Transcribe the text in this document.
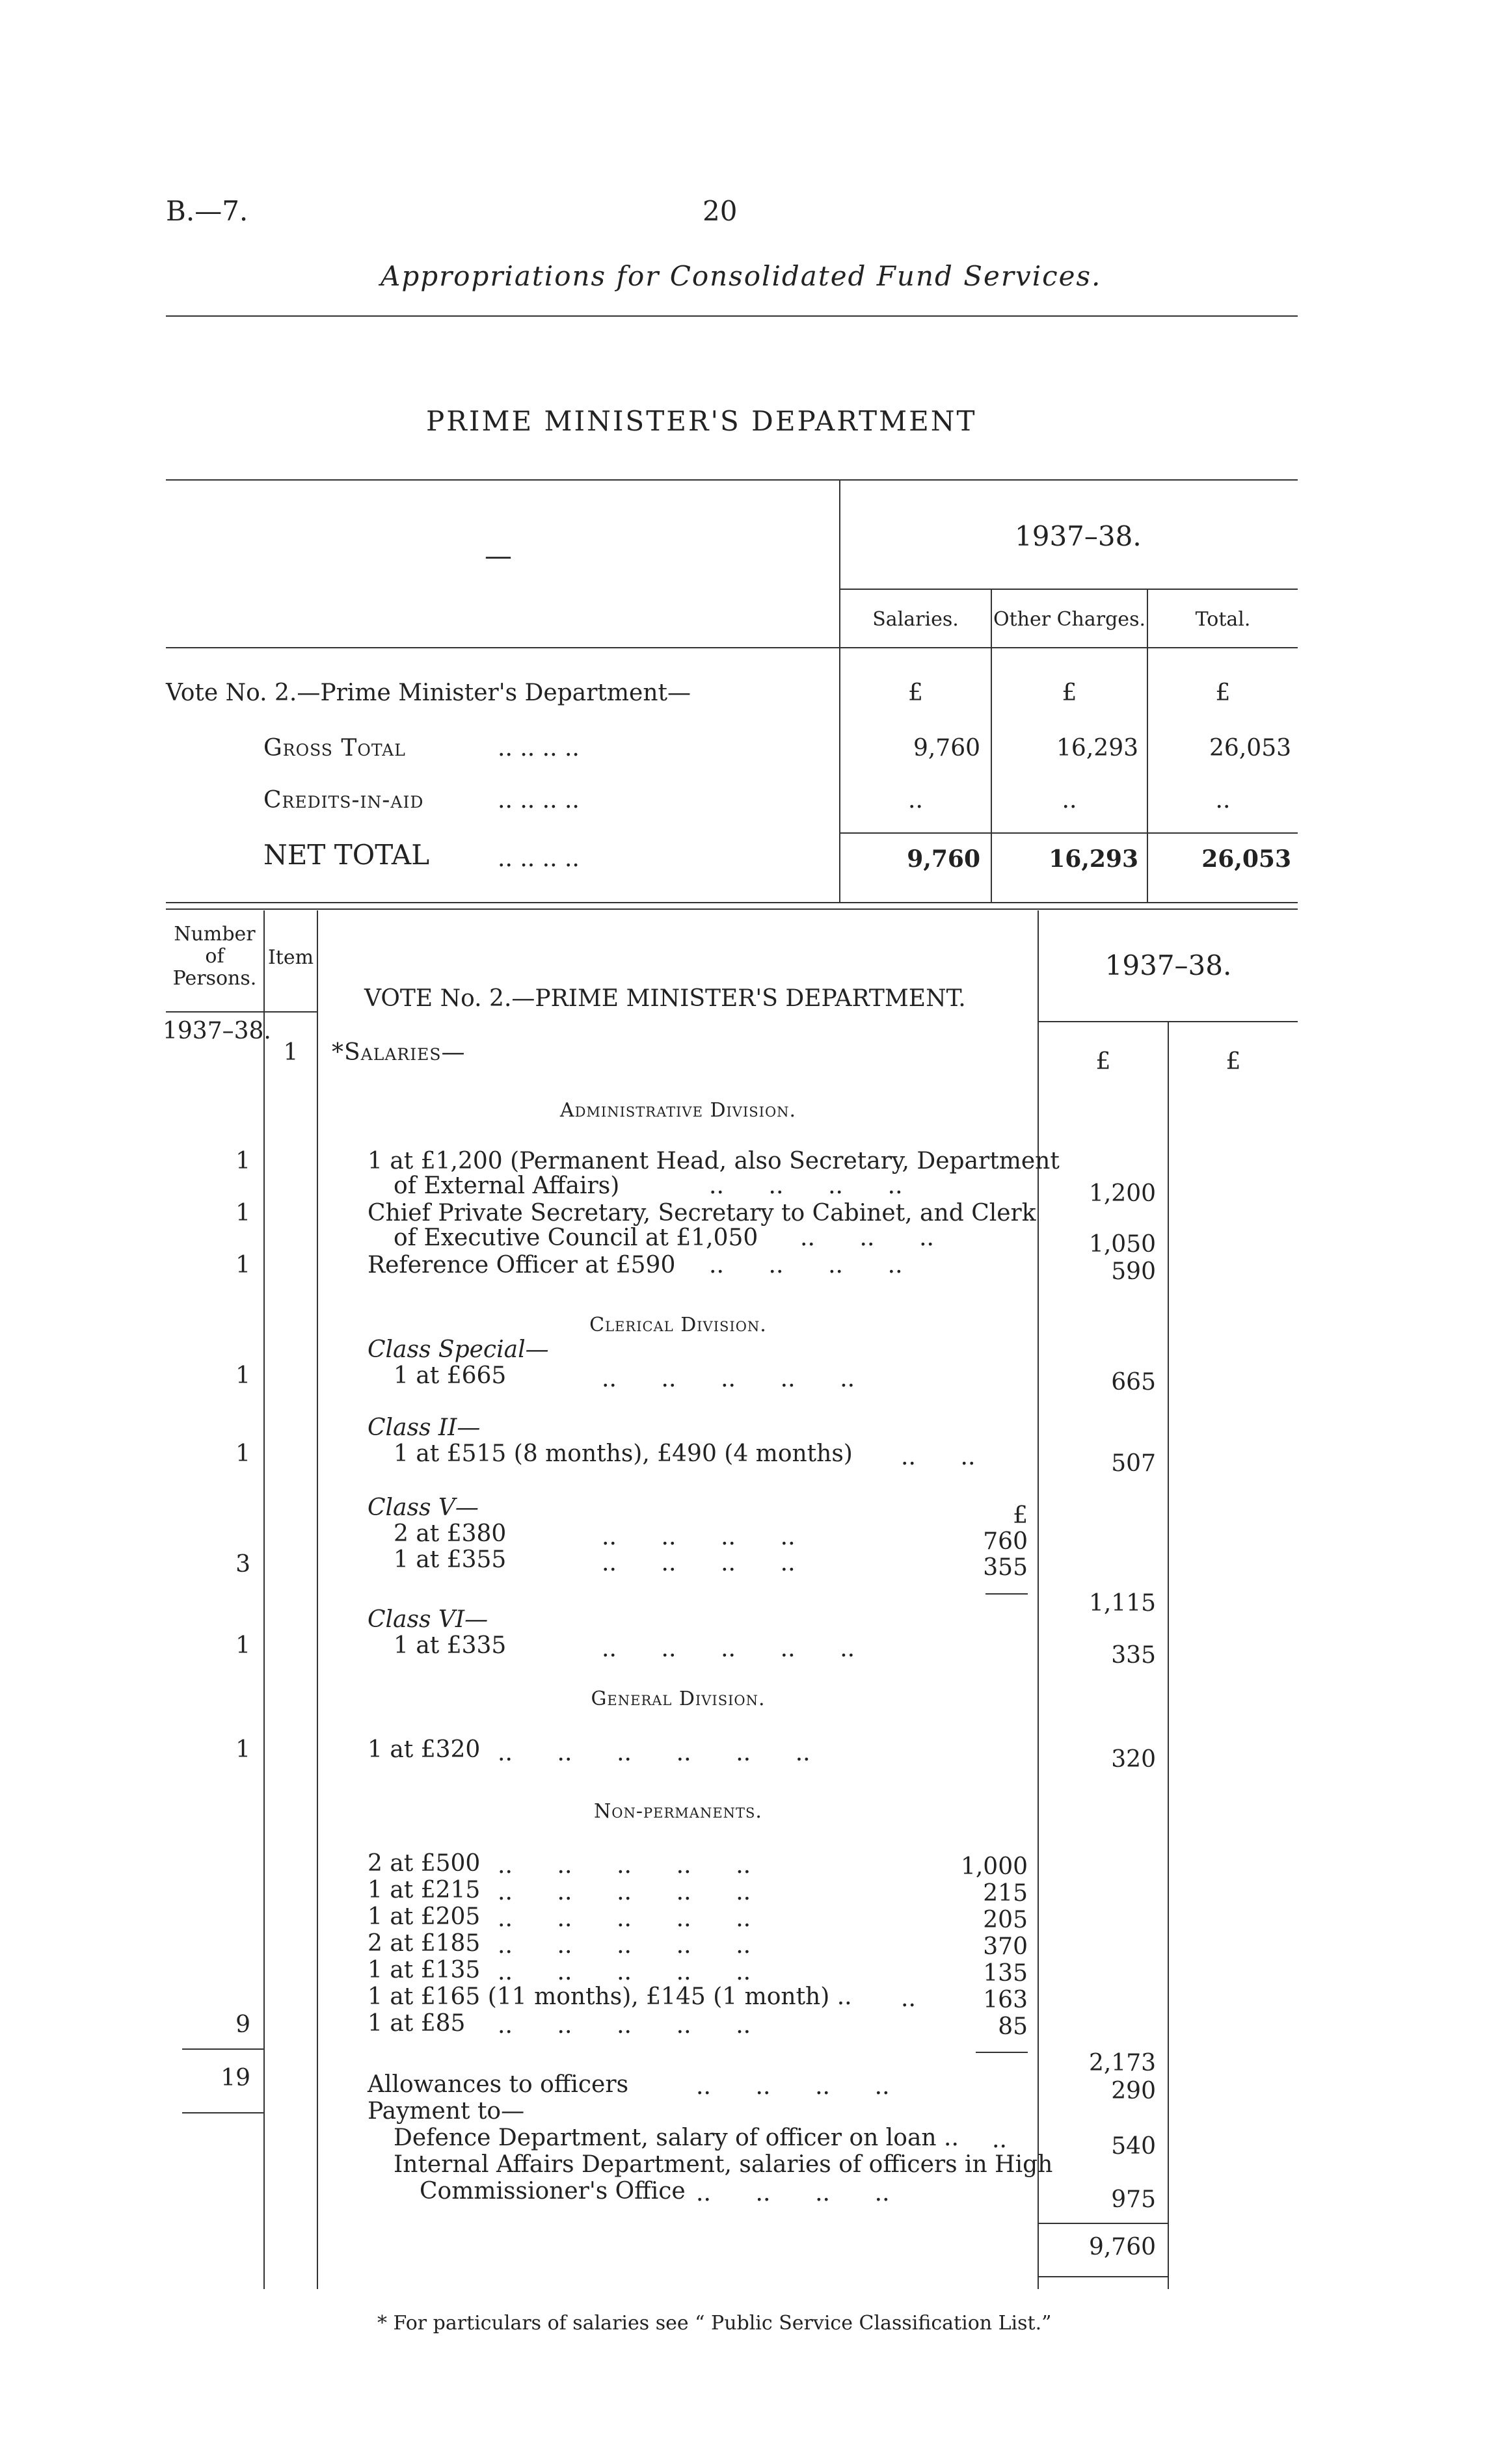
B.—7.	20
Appropriations for Consolidated Fund Services.
PRIME MINISTER'S DEPARTMENT
—
1937–38.
Salaries.	Other Charges.	Total.
Vote No. 2.—Prime Minister's Department—	£	£	£
Gross Total	.. .. .. ..	9,760	16,293	26,053
Credits-in-aid	.. .. .. ..	..	..	..
NET TOTAL	.. .. .. ..	9,760	16,293	26,053
Number
of
Persons.
Item
VOTE No. 2.—PRIME MINISTER'S DEPARTMENT.
1937–38.
1937–38.
1	*Salaries—	£	£
Administrative Division.
1	1 at £1,200 (Permanent Head, also Secretary, Department
of External Affairs)	..      ..      ..      ..	1,200
1	Chief Private Secretary, Secretary to Cabinet, and Clerk
of Executive Council at £1,050 ..      ..      ..	1,050
1	Reference Officer at £590 ..      ..      ..      ..	590
Clerical Division.
Class Special—
1	1 at £665	..      ..      ..      ..      ..	665
Class II—
1	1 at £515 (8 months), £490 (4 months) ..      ..	507
Class V—	£
2 at £380	..      ..      ..      ..	760
3	1 at £355	..      ..      ..      ..	355
1,115
Class VI—
1	1 at £335	..      ..      ..      ..      ..	335
General Division.
1	1 at £320 ..      ..      ..      ..      ..      ..	320
Non-permanents.
2 at £500 ..      ..      ..      ..      ..	1,000
1 at £215 ..      ..      ..      ..      ..	215
1 at £205 ..      ..      ..      ..      ..	205
2 at £185 ..      ..      ..      ..      ..	370
1 at £135 ..      ..      ..      ..      ..	135
1 at £165 (11 months), £145 (1 month) .. ..	163
9	1 at £85 ..      ..      ..      ..      ..	85
2,173
19	Allowances to officers	..      ..      ..      ..	290
Payment to—
Defence Department, salary of officer on loan .. ..	540
Internal Affairs Department, salaries of officers in High
Commissioner's Office ..      ..      ..      ..	975
9,760
* For particulars of salaries see “ Public Service Classification List.”
